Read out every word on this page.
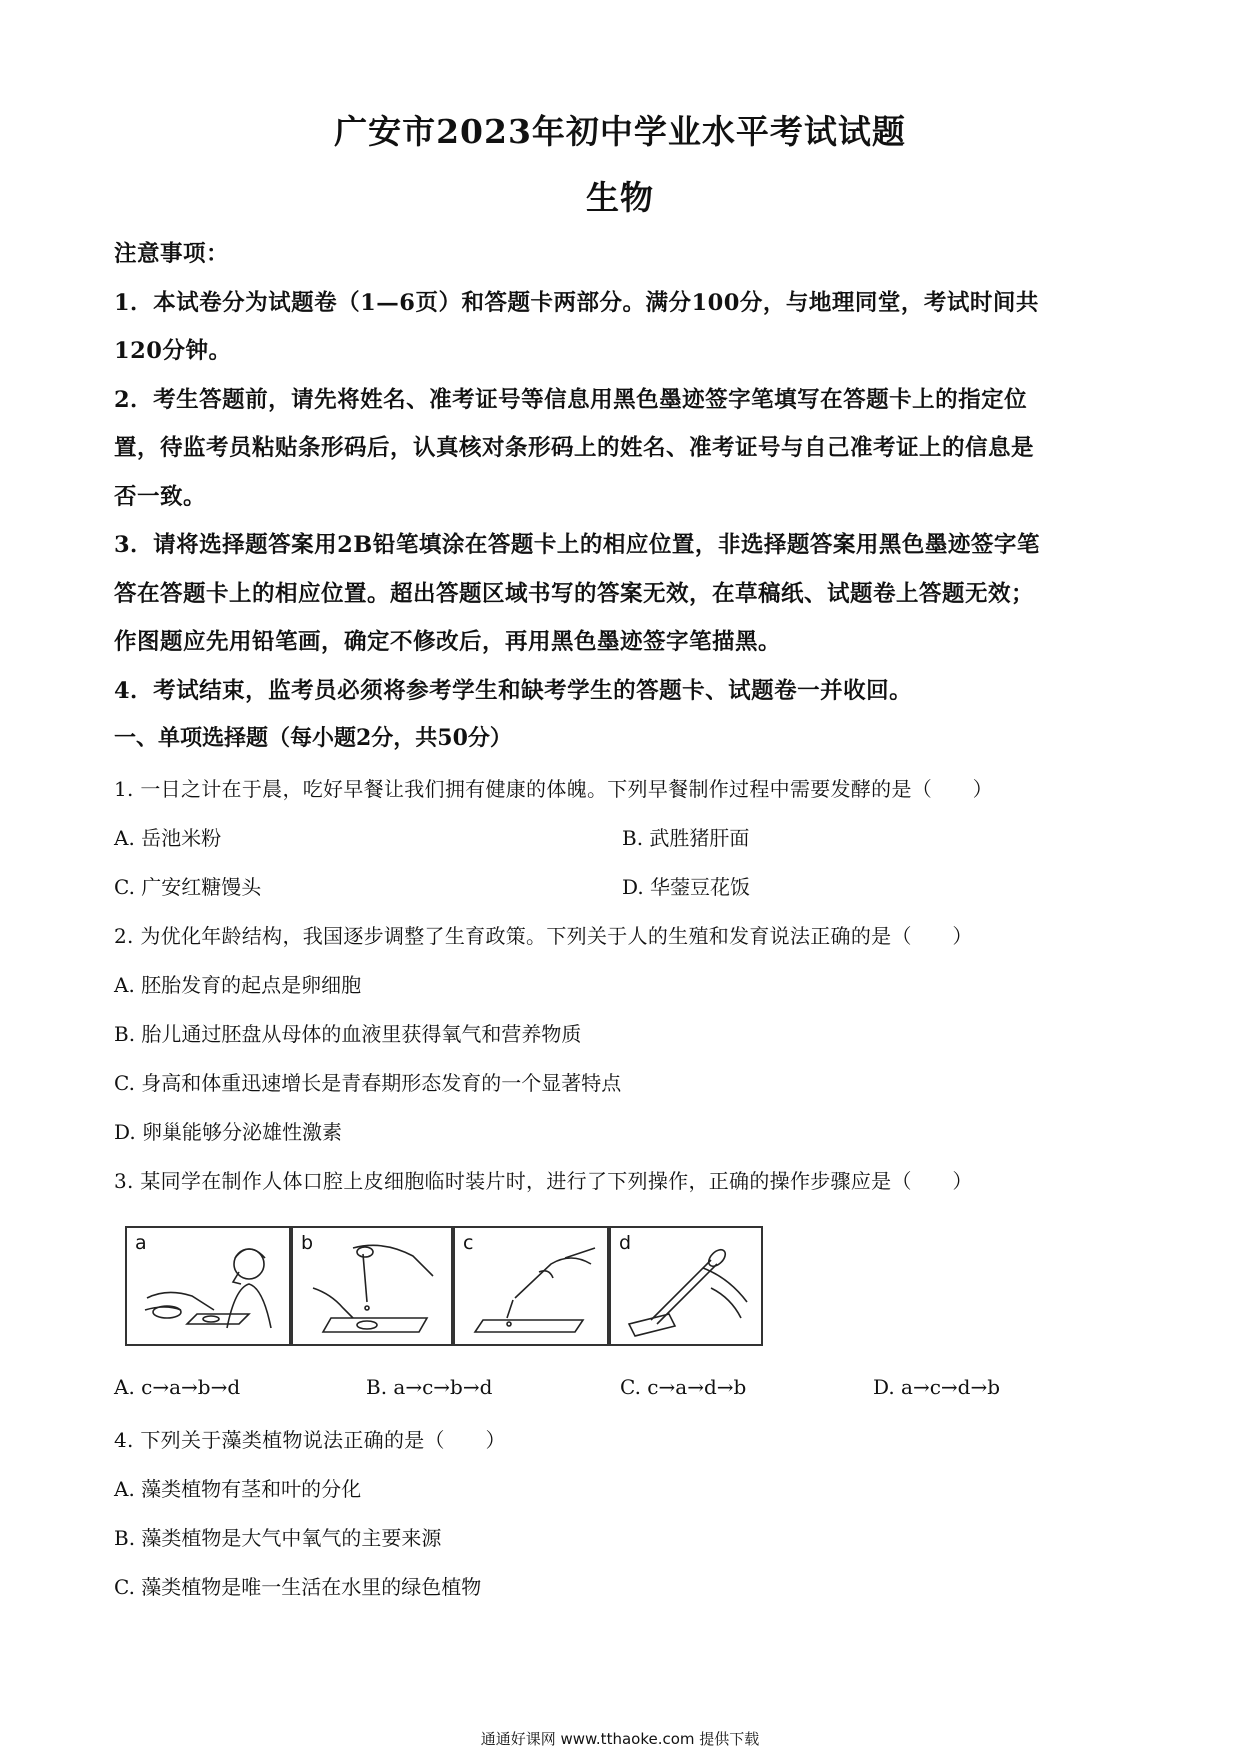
广安市2023年初中学业水平考试试题
生物
注意事项：
1．本试卷分为试题卷（1—6页）和答题卡两部分。满分100分，与地理同堂，考试时间共
120分钟。
2．考生答题前，请先将姓名、准考证号等信息用黑色墨迹签字笔填写在答题卡上的指定位
置，待监考员粘贴条形码后，认真核对条形码上的姓名、准考证号与自己准考证上的信息是
否一致。
3．请将选择题答案用2B铅笔填涂在答题卡上的相应位置，非选择题答案用黑色墨迹签字笔
答在答题卡上的相应位置。超出答题区域书写的答案无效，在草稿纸、试题卷上答题无效；
作图题应先用铅笔画，确定不修改后，再用黑色墨迹签字笔描黑。
4．考试结束，监考员必须将参考学生和缺考学生的答题卡、试题卷一并收回。
一、单项选择题（每小题2分，共50分）
1. 一日之计在于晨，吃好早餐让我们拥有健康的体魄。下列早餐制作过程中需要发酵的是（　　）
A. 岳池米粉	B. 武胜猪肝面
C. 广安红糖馒头	D. 华蓥豆花饭
2. 为优化年龄结构，我国逐步调整了生育政策。下列关于人的生殖和发育说法正确的是（　　）
A. 胚胎发育的起点是卵细胞
B. 胎儿通过胚盘从母体的血液里获得氧气和营养物质
C. 身高和体重迅速增长是青春期形态发育的一个显著特点
D. 卵巢能够分泌雄性激素
3. 某同学在制作人体口腔上皮细胞临时装片时，进行了下列操作，正确的操作步骤应是（　　）
a	b	c	d
A. c→a→b→d	B. a→c→b→d	C. c→a→d→b	D. a→c→d→b
4. 下列关于藻类植物说法正确的是（　　）
A. 藻类植物有茎和叶的分化
B. 藻类植物是大气中氧气的主要来源
C. 藻类植物是唯一生活在水里的绿色植物
通通好课网 www.tthaoke.com 提供下载
